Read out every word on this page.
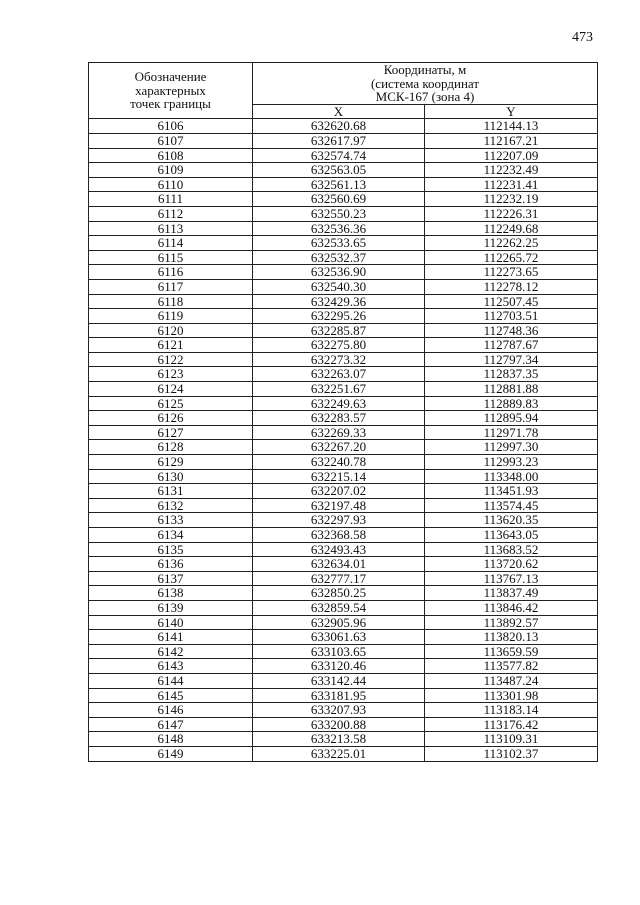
473
Обозначение
характерных
точек границы	Координаты, м
(система координат
МСК-167 (зона 4)	

	X	Y
6106	632620.68	112144.13
6107	632617.97	112167.21
6108	632574.74	112207.09
6109	632563.05	112232.49
6110	632561.13	112231.41
6111	632560.69	112232.19
6112	632550.23	112226.31
6113	632536.36	112249.68
6114	632533.65	112262.25
6115	632532.37	112265.72
6116	632536.90	112273.65
6117	632540.30	112278.12
6118	632429.36	112507.45
6119	632295.26	112703.51
6120	632285.87	112748.36
6121	632275.80	112787.67
6122	632273.32	112797.34
6123	632263.07	112837.35
6124	632251.67	112881.88
6125	632249.63	112889.83
6126	632283.57	112895.94
6127	632269.33	112971.78
6128	632267.20	112997.30
6129	632240.78	112993.23
6130	632215.14	113348.00
6131	632207.02	113451.93
6132	632197.48	113574.45
6133	632297.93	113620.35
6134	632368.58	113643.05
6135	632493.43	113683.52
6136	632634.01	113720.62
6137	632777.17	113767.13
6138	632850.25	113837.49
6139	632859.54	113846.42
6140	632905.96	113892.57
6141	633061.63	113820.13
6142	633103.65	113659.59
6143	633120.46	113577.82
6144	633142.44	113487.24
6145	633181.95	113301.98
6146	633207.93	113183.14
6147	633200.88	113176.42
6148	633213.58	113109.31
6149	633225.01	113102.37
